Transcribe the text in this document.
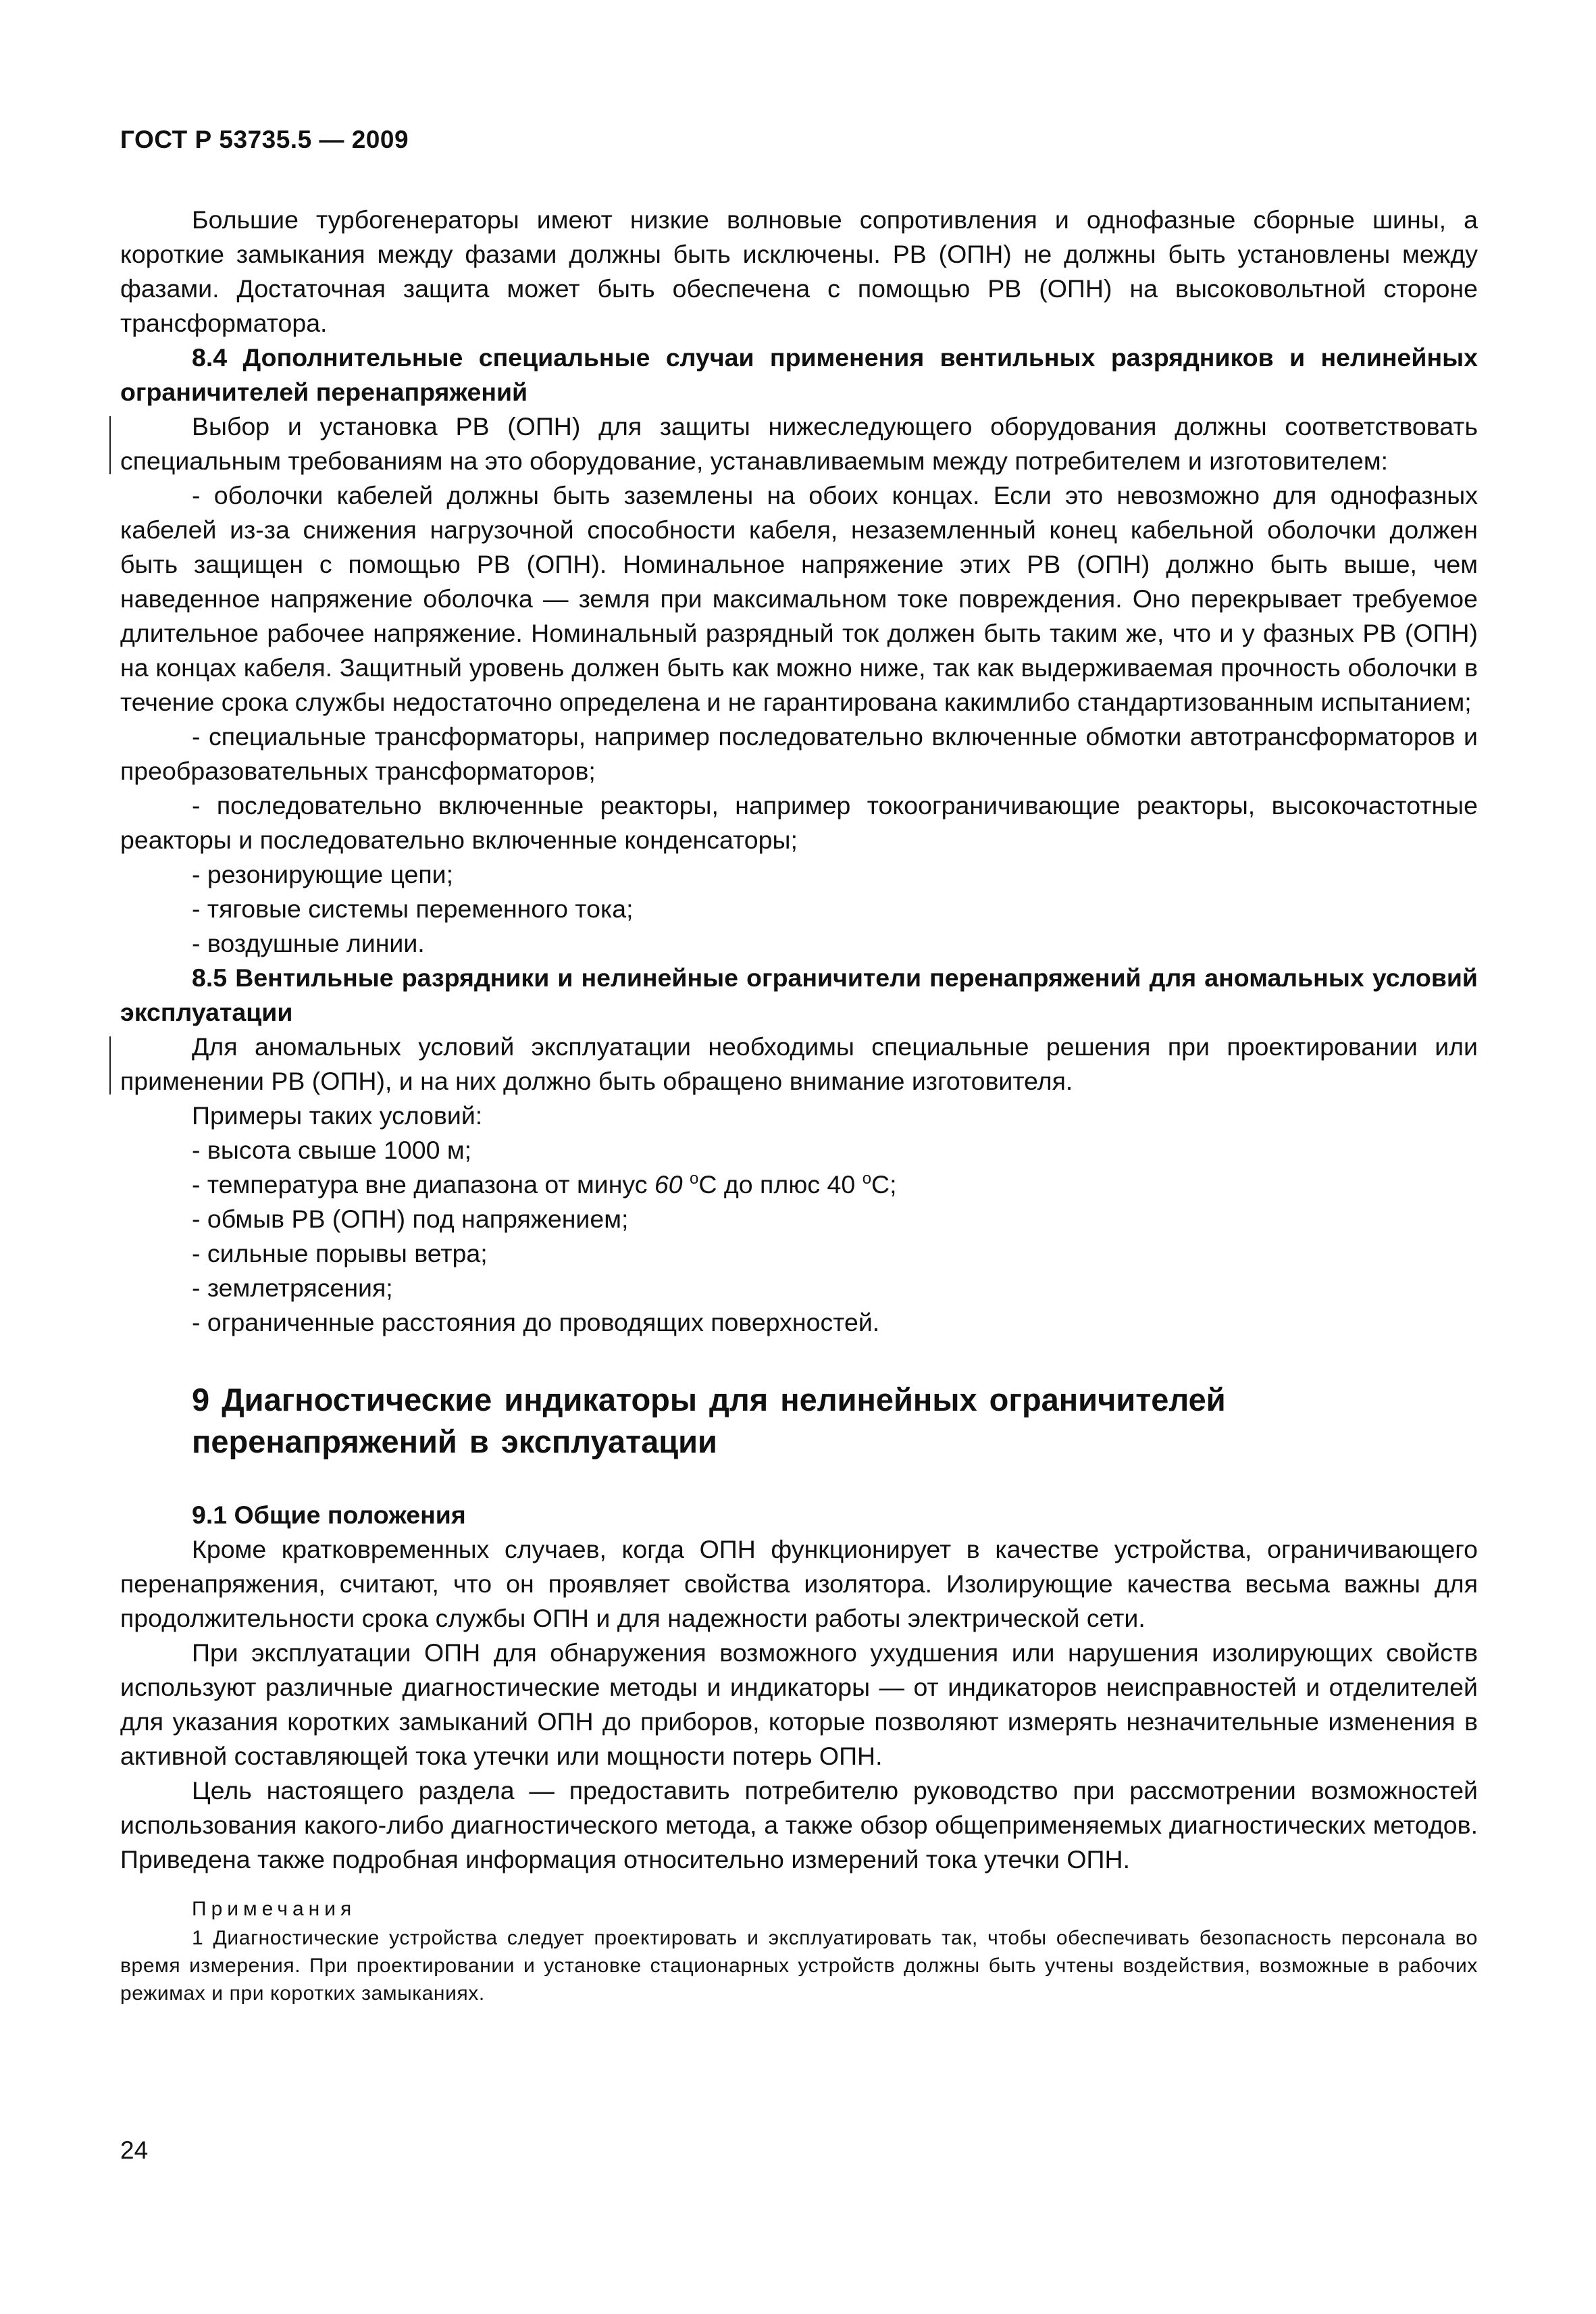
ГОСТ Р 53735.5 — 2009

Большие турбогенераторы имеют низкие волновые сопротивления и однофазные сборные шины, а короткие замыкания между фазами должны быть исключены. РВ (ОПН) не должны быть установлены между фазами. Достаточная защита может быть обеспечена с помощью РВ (ОПН) на высоковольтной стороне трансформатора.

8.4 Дополнительные специальные случаи применения вентильных разрядников и нелинейных ограничителей перенапряжений

Выбор и установка РВ (ОПН) для защиты нижеследующего оборудования должны соответствовать специальным требованиям на это оборудование, устанавливаемым между потребителем и изготовителем:

- оболочки кабелей должны быть заземлены на обоих концах. Если это невозможно для однофазных кабелей из-за снижения нагрузочной способности кабеля, незаземленный конец кабельной оболочки должен быть защищен с помощью РВ (ОПН). Номинальное напряжение этих РВ (ОПН) должно быть выше, чем наведенное напряжение оболочка — земля при максимальном токе повреждения. Оно перекрывает требуемое длительное рабочее напряжение. Номинальный разрядный ток должен быть таким же, что и у фазных РВ (ОПН) на концах кабеля. Защитный уровень должен быть как можно ниже, так как выдерживаемая прочность оболочки в течение срока службы недостаточно определена и не гарантирована какимлибо стандартизованным испытанием;

- специальные трансформаторы, например последовательно включенные обмотки автотрансформаторов и преобразовательных трансформаторов;

- последовательно включенные реакторы, например токоограничивающие реакторы, высокочастотные реакторы и последовательно включенные конденсаторы;

- резонирующие цепи;

- тяговые системы переменного тока;

- воздушные линии.

8.5 Вентильные разрядники и нелинейные ограничители перенапряжений для аномальных условий эксплуатации

Для аномальных условий эксплуатации необходимы специальные решения при проектировании или применении РВ (ОПН), и на них должно быть обращено внимание изготовителя.

Примеры таких условий:

- высота свыше 1000 м;

- температура вне диапазона от минус 60 $^о$С до плюс 40 $^о$С;

- обмыв РВ (ОПН) под напряжением;

- сильные порывы ветра;

- землетрясения;

- ограниченные расстояния до проводящих поверхностей.

9 Диагностические индикаторы для нелинейных ограничителей перенапряжений в эксплуатации

9.1 Общие положения

Кроме кратковременных случаев, когда ОПН функционирует в качестве устройства, ограничивающего перенапряжения, считают, что он проявляет свойства изолятора. Изолирующие качества весьма важны для продолжительности срока службы ОПН и для надежности работы электрической сети.

При эксплуатации ОПН для обнаружения возможного ухудшения или нарушения изолирующих свойств используют различные диагностические методы и индикаторы — от индикаторов неисправностей и отделителей для указания коротких замыканий ОПН до приборов, которые позволяют измерять незначительные изменения в активной составляющей тока утечки или мощности потерь ОПН.

Цель настоящего раздела — предоставить потребителю руководство при рассмотрении возможностей использования какого-либо диагностического метода, а также обзор общеприменяемых диагностических методов. Приведена также подробная информация относительно измерений тока утечки ОПН.

Примечания

1 Диагностические устройства следует проектировать и эксплуатировать так, чтобы обеспечивать безопасность персонала во время измерения. При проектировании и установке стационарных устройств должны быть учтены воздействия, возможные в рабочих режимах и при коротких замыканиях.

24
